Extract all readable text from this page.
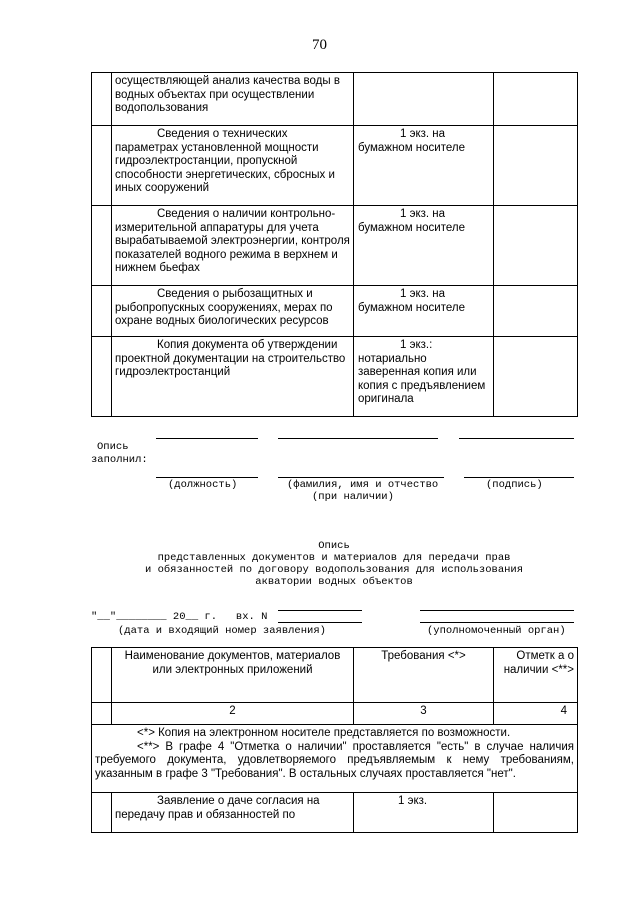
70
	осуществляющей анализ качества воды в водных объектах при осуществлении водопользования		
	Сведения о технических параметрах установленной мощности гидроэлектростанции, пропускной способности энергетических, сбросных и иных сооружений	1 экз. на
бумажном носителе	

	Сведения о наличии контрольно-измерительной аппаратуры для учета вырабатываемой электроэнергии, контроля показателей водного режима в верхнем и нижнем бьефах	1 экз. на
бумажном носителе	

	Сведения о рыбозащитных и рыбопропускных сооружениях, мерах по охране водных биологических ресурсов	1 экз. на
бумажном носителе	

	Копия документа об утверждении проектной документации на строительство гидроэлектростанций	1 экз.:
нотариально заверенная копия или копия с предъявлением оригинала	

Опись
заполнил:
(должность)	(фамилия, имя и отчество
(при наличии)
(подпись)
Опись
представленных документов и материалов для передачи прав
и обязанностей по договору водопользования для использования
акватории водных объектов
"__"________ 20__ г.   вх. N
(дата и входящий номер заявления)	(уполномоченный орган)
	Наименование документов, материалов или электронных приложений	Требования <*>	Отметк а о наличии <**>
	2	3	4

<*> Копия на электронном носителе представляется по возможности.

<**> В графе 4 "Отметка о наличии" проставляется "есть" в случае наличия требуемого документа, удовлетворяемого предъявляемым к нему требованиям, указанным в графе 3 "Требования". В остальных случаях проставляется "нет".			

	Заявление о даче согласия на передачу прав и обязанностей по	1 экз.	
